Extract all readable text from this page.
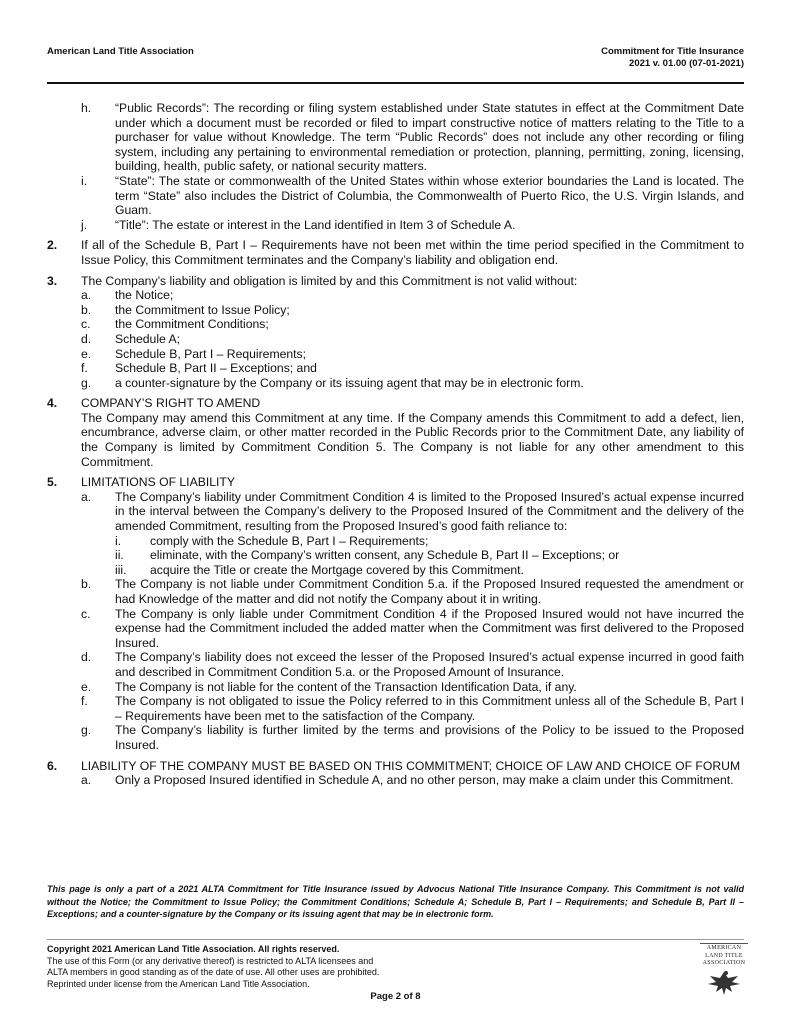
American Land Title Association	Commitment for Title Insurance
2021 v. 01.00 (07-01-2021)
h.	“Public Records”: The recording or filing system established under State statutes in effect at the Commitment Date under which a document must be recorded or filed to impart constructive notice of matters relating to the Title to a purchaser for value without Knowledge. The term “Public Records” does not include any other recording or filing system, including any pertaining to environmental remediation or protection, planning, permitting, zoning, licensing, building, health, public safety, or national security matters.
i.	“State”: The state or commonwealth of the United States within whose exterior boundaries the Land is located. The term “State” also includes the District of Columbia, the Commonwealth of Puerto Rico, the U.S. Virgin Islands, and Guam.
j.	“Title”: The estate or interest in the Land identified in Item 3 of Schedule A.
2.	If all of the Schedule B, Part I – Requirements have not been met within the time period specified in the Commitment to Issue Policy, this Commitment terminates and the Company’s liability and obligation end.
3.	The Company’s liability and obligation is limited by and this Commitment is not valid without:
a.	the Notice;
b.	the Commitment to Issue Policy;
c.	the Commitment Conditions;
d.	Schedule A;
e.	Schedule B, Part I – Requirements;
f.	Schedule B, Part II – Exceptions; and
g.	a counter-signature by the Company or its issuing agent that may be in electronic form.
4.	COMPANY’S RIGHT TO AMEND
The Company may amend this Commitment at any time. If the Company amends this Commitment to add a defect, lien, encumbrance, adverse claim, or other matter recorded in the Public Records prior to the Commitment Date, any liability of the Company is limited by Commitment Condition 5. The Company is not liable for any other amendment to this Commitment.
5.	LIMITATIONS OF LIABILITY
a.	The Company’s liability under Commitment Condition 4 is limited to the Proposed Insured’s actual expense incurred in the interval between the Company’s delivery to the Proposed Insured of the Commitment and the delivery of the amended Commitment, resulting from the Proposed Insured’s good faith reliance to:
i.	comply with the Schedule B, Part I – Requirements;
ii.	eliminate, with the Company’s written consent, any Schedule B, Part II – Exceptions; or
iii.	acquire the Title or create the Mortgage covered by this Commitment.
b.	The Company is not liable under Commitment Condition 5.a. if the Proposed Insured requested the amendment or had Knowledge of the matter and did not notify the Company about it in writing.
c.	The Company is only liable under Commitment Condition 4 if the Proposed Insured would not have incurred the expense had the Commitment included the added matter when the Commitment was first delivered to the Proposed Insured.
d.	The Company’s liability does not exceed the lesser of the Proposed Insured’s actual expense incurred in good faith and described in Commitment Condition 5.a. or the Proposed Amount of Insurance.
e.	The Company is not liable for the content of the Transaction Identification Data, if any.
f.	The Company is not obligated to issue the Policy referred to in this Commitment unless all of the Schedule B, Part I – Requirements have been met to the satisfaction of the Company.
g.	The Company’s liability is further limited by the terms and provisions of the Policy to be issued to the Proposed Insured.
6.	LIABILITY OF THE COMPANY MUST BE BASED ON THIS COMMITMENT; CHOICE OF LAW AND CHOICE OF FORUM
a.	Only a Proposed Insured identified in Schedule A, and no other person, may make a claim under this Commitment.
This page is only a part of a 2021 ALTA Commitment for Title Insurance issued by Advocus National Title Insurance Company. This Commitment is not valid without the Notice; the Commitment to Issue Policy; the Commitment Conditions; Schedule A; Schedule B, Part I – Requirements; and Schedule B, Part II – Exceptions; and a counter-signature by the Company or its issuing agent that may be in electronic form.
Copyright 2021 American Land Title Association. All rights reserved.
The use of this Form (or any derivative thereof) is restricted to ALTA licensees and
ALTA members in good standing as of the date of use. All other uses are prohibited.
Reprinted under license from the American Land Title Association.
Page 2 of 8
AMERICAN
LAND TITLE
ASSOCIATION
